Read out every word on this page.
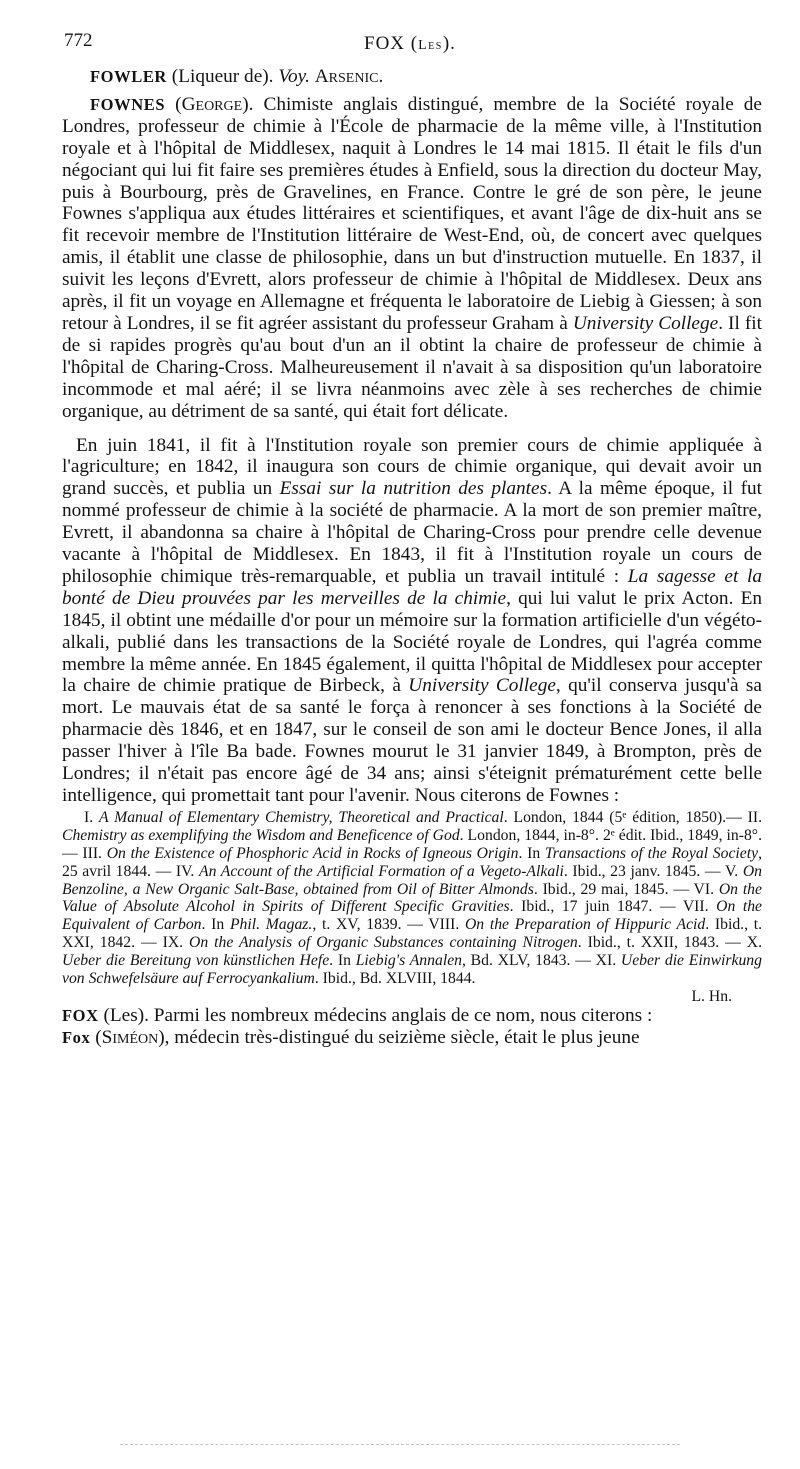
772	FOX (Les).

FOWLER (Liqueur de). Voy. Arsenic.

FOWNES (George). Chimiste anglais distingué, membre de la Société royale de Londres, professeur de chimie à l'École de pharmacie de la même ville, à l'Institution royale et à l'hôpital de Middlesex, naquit à Londres le 14 mai 1815. Il était le fils d'un négociant qui lui fit faire ses premières études à Enfield, sous la direction du docteur May, puis à Bourbourg, près de Gravelines, en France. Contre le gré de son père, le jeune Fownes s'appliqua aux études littéraires et scientifiques, et avant l'âge de dix-huit ans se fit recevoir membre de l'Institution littéraire de West-End, où, de concert avec quelques amis, il établit une classe de philosophie, dans un but d'instruction mutuelle. En 1837, il suivit les leçons d'Evrett, alors professeur de chimie à l'hôpital de Middlesex. Deux ans après, il fit un voyage en Allemagne et fréquenta le laboratoire de Liebig à Giessen; à son retour à Londres, il se fit agréer assistant du professeur Graham à University College. Il fit de si rapides progrès qu'au bout d'un an il obtint la chaire de professeur de chimie à l'hôpital de Charing-Cross. Malheureusement il n'avait à sa disposition qu'un laboratoire incommode et mal aéré; il se livra néanmoins avec zèle à ses recherches de chimie organique, au détriment de sa santé, qui était fort délicate.

En juin 1841, il fit à l'Institution royale son premier cours de chimie appliquée à l'agriculture; en 1842, il inaugura son cours de chimie organique, qui devait avoir un grand succès, et publia un Essai sur la nutrition des plantes. A la même époque, il fut nommé professeur de chimie à la société de pharmacie. A la mort de son premier maître, Evrett, il abandonna sa chaire à l'hôpital de Charing-Cross pour prendre celle devenue vacante à l'hôpital de Middlesex. En 1843, il fit à l'Institution royale un cours de philosophie chimique très-remarquable, et publia un travail intitulé : La sagesse et la bonté de Dieu prouvées par les merveilles de la chimie, qui lui valut le prix Acton. En 1845, il obtint une médaille d'or pour un mémoire sur la formation artificielle d'un végéto-alkali, publié dans les transactions de la Société royale de Londres, qui l'agréa comme membre la même année. En 1845 également, il quitta l'hôpital de Middlesex pour accepter la chaire de chimie pratique de Birbeck, à University College, qu'il conserva jusqu'à sa mort. Le mauvais état de sa santé le força à renoncer à ses fonctions à la Société de pharmacie dès 1846, et en 1847, sur le conseil de son ami le docteur Bence Jones, il alla passer l'hiver à l'île Ba bade. Fownes mourut le 31 janvier 1849, à Brompton, près de Londres; il n'était pas encore âgé de 34 ans; ainsi s'éteignit prématurément cette belle intelligence, qui promettait tant pour l'avenir. Nous citerons de Fownes :

I. A Manual of Elementary Chemistry, Theoretical and Practical. London, 1844 (5ᵉ édition, 1850).— II. Chemistry as exemplifying the Wisdom and Beneficence of God. London, 1844, in-8°. 2ᵉ édit. Ibid., 1849, in-8°.— III. On the Existence of Phosphoric Acid in Rocks of Igneous Origin. In Transactions of the Royal Society, 25 avril 1844. — IV. An Account of the Artificial Formation of a Vegeto-Alkali. Ibid., 23 janv. 1845. — V. On Benzoline, a New Organic Salt-Base, obtained from Oil of Bitter Almonds. Ibid., 29 mai, 1845. — VI. On the Value of Absolute Alcohol in Spirits of Different Specific Gravities. Ibid., 17 juin 1847. — VII. On the Equivalent of Carbon. In Phil. Magaz., t. XV, 1839. — VIII. On the Preparation of Hippuric Acid. Ibid., t. XXI, 1842. — IX. On the Analysis of Organic Substances containing Nitrogen. Ibid., t. XXII, 1843. — X. Ueber die Bereitung von künstlichen Hefe. In Liebig's Annalen, Bd. XLV, 1843. — XI. Ueber die Einwirkung von Schwefelsäure auf Ferrocyankalium. Ibid., Bd. XLVIII, 1844.

L. Hn.

FOX (Les). Parmi les nombreux médecins anglais de ce nom, nous citerons :

Fox (Siméon), médecin très-distingué du seizième siècle, était le plus jeune
